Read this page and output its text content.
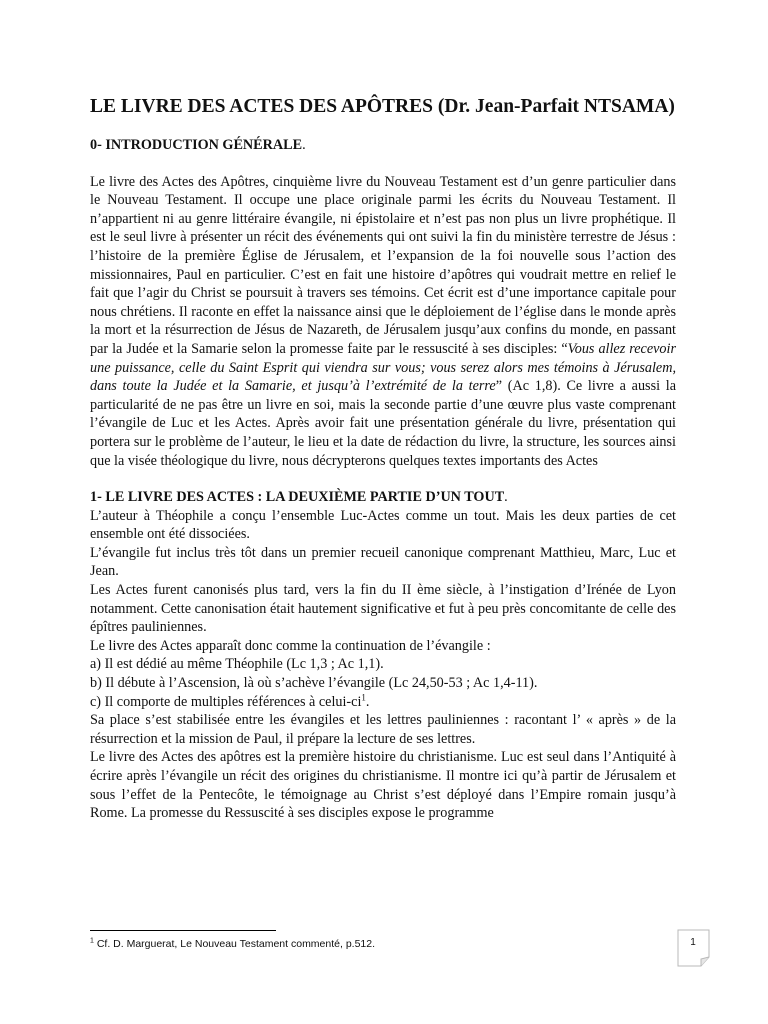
LE LIVRE DES ACTES DES APÔTRES (Dr. Jean-Parfait NTSAMA)
0- INTRODUCTION GÉNÉRALE.

Le livre des Actes des Apôtres, cinquième livre du Nouveau Testament est d’un genre particulier dans le Nouveau Testament. Il occupe une place originale parmi les écrits du Nouveau Testament. Il n’appartient ni au genre littéraire évangile, ni épistolaire et n’est pas non plus un livre prophétique. Il est le seul livre à présenter un récit des événements qui ont suivi la fin du ministère terrestre de Jésus : l’histoire de la première Église de Jérusalem, et l’expansion de la foi nouvelle sous l’action des missionnaires, Paul en particulier. C’est en fait une histoire d’apôtres qui voudrait mettre en relief le fait que l’agir du Christ se poursuit à travers ses témoins. Cet écrit est d’une importance capitale pour nous chrétiens. Il raconte en effet la naissance ainsi que le déploiement de l’église dans le monde après la mort et la résurrection de Jésus de Nazareth, de Jérusalem jusqu’aux confins du monde, en passant par la Judée et la Samarie selon la promesse faite par le ressuscité à ses disciples: “Vous allez recevoir une puissance, celle du Saint Esprit qui viendra sur vous; vous serez alors mes témoins à Jérusalem, dans toute la Judée et la Samarie, et jusqu’à l’extrémité de la terre” (Ac 1,8). Ce livre a aussi la particularité de ne pas être un livre en soi, mais la seconde partie d’une œuvre plus vaste comprenant l’évangile de Luc et les Actes. Après avoir fait une présentation générale du livre, présentation qui portera sur le problème de l’auteur, le lieu et la date de rédaction du livre, la structure, les sources ainsi que la visée théologique du livre, nous décrypterons quelques textes importants des Actes

1- LE LIVRE DES ACTES : LA DEUXIÈME PARTIE D’UN TOUT.

L’auteur à Théophile a conçu l’ensemble Luc-Actes comme un tout. Mais les deux parties de cet ensemble ont été dissociées.

L’évangile fut inclus très tôt dans un premier recueil canonique comprenant Matthieu, Marc, Luc et Jean.

Les Actes furent canonisés plus tard, vers la fin du II ème siècle, à l’instigation d’Irénée de Lyon notamment. Cette canonisation était hautement significative et fut à peu près concomitante de celle des épîtres pauliniennes.

Le livre des Actes apparaît donc comme la continuation de l’évangile :

a) Il est dédié au même Théophile (Lc 1,3 ; Ac 1,1).

b) Il débute à l’Ascension, là où s’achève l’évangile (Lc 24,50-53 ; Ac 1,4-11).

c) Il comporte de multiples références à celui-$ci^1$.

Sa place s’est stabilisée entre les évangiles et les lettres pauliniennes : racontant l’ « après » de la résurrection et la mission de Paul, il prépare la lecture de ses lettres.

Le livre des Actes des apôtres est la première histoire du christianisme. Luc est seul dans l’Antiquité à écrire après l’évangile un récit des origines du christianisme. Il montre ici qu’à partir de Jérusalem et sous l’effet de la Pentecôte, le témoignage au Christ s’est déployé dans l’Empire romain jusqu’à Rome. La promesse du Ressuscité à ses disciples expose le programme

$^1$ Cf. D. Marguerat, Le Nouveau Testament commenté, p.512.	1
